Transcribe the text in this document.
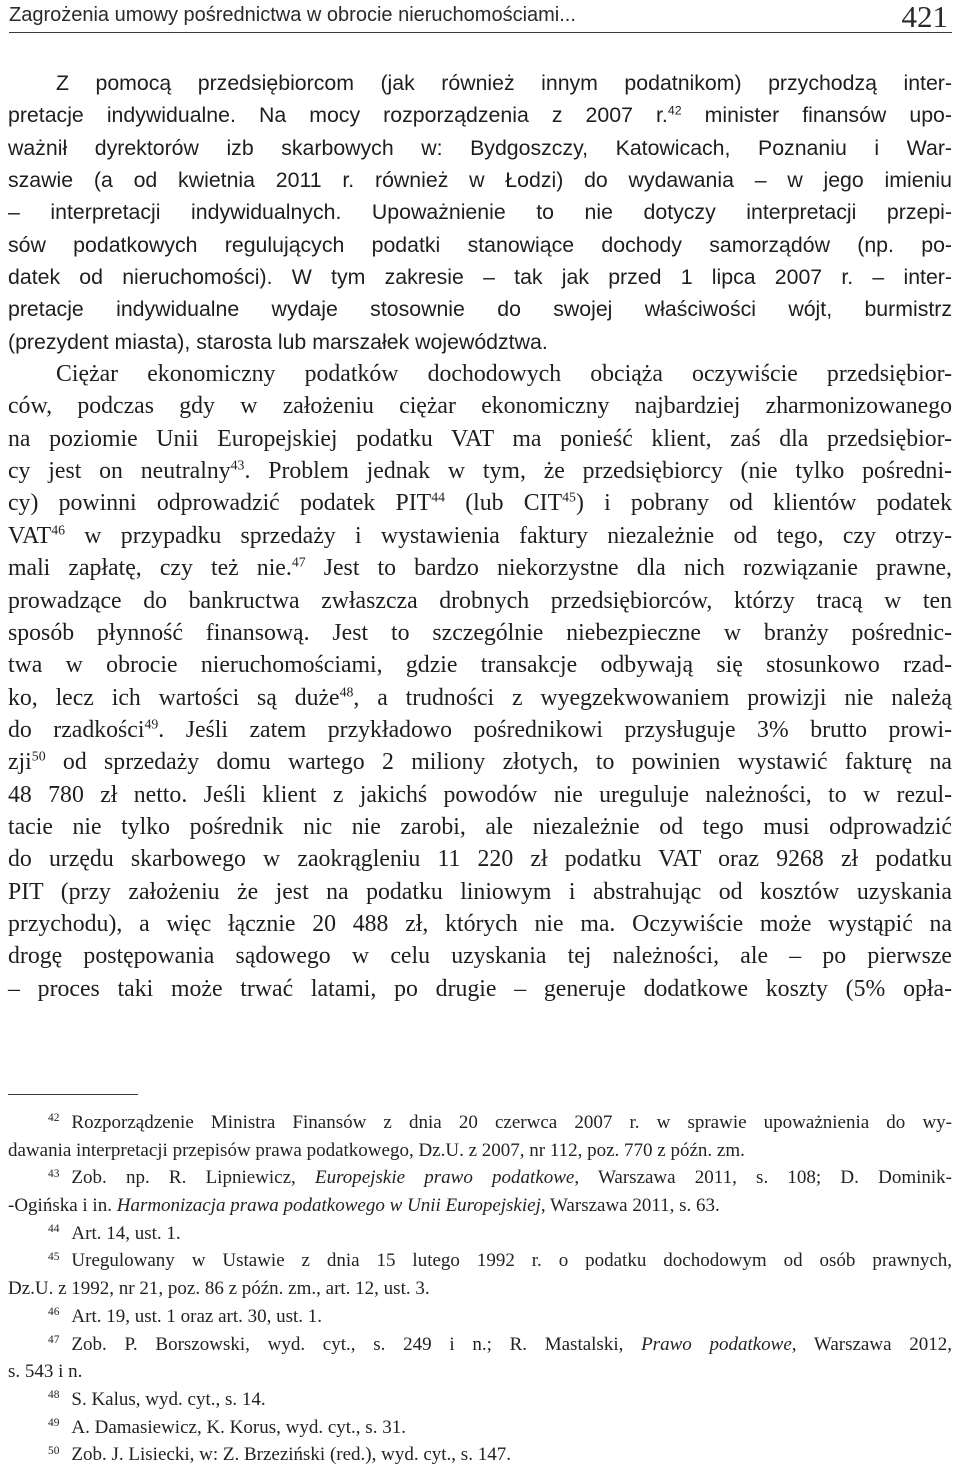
Zagrożenia umowy pośrednictwa w obrocie nieruchomościami...	421
Z pomocą przedsiębiorcom (jak również innym podatnikom) przychodzą inter-
pretacje indywidualne. Na mocy rozporządzenia z 2007 r.$^{42}$ minister finansów upo-
ważnił dyrektorów izb skarbowych w: Bydgoszczy, Katowicach, Poznaniu i War-
szawie (a od kwietnia 2011 r. również w Łodzi) do wydawania – w jego imieniu
– interpretacji indywidualnych. Upoważnienie to nie dotyczy interpretacji przepi-
sów podatkowych regulujących podatki stanowiące dochody samorządów (np. po-
datek od nieruchomości). W tym zakresie – tak jak przed 1 lipca 2007 r. – inter-
pretacje indywidualne wydaje stosownie do swojej właściwości wójt, burmistrz
(prezydent miasta), starosta lub marszałek województwa.
Ciężar ekonomiczny podatków dochodowych obciąża oczywiście przedsiębior-
ców, podczas gdy w założeniu ciężar ekonomiczny najbardziej zharmonizowanego
na poziomie Unii Europejskiej podatku VAT ma ponieść klient, zaś dla przedsiębior-
cy jest on neutralny$^{43}$. Problem jednak w tym, że przedsiębiorcy (nie tylko pośredni-
cy) powinni odprowadzić podatek PIT$^{44}$ (lub CIT$^{45}$) i pobrany od klientów podatek
VAT$^{46}$ w przypadku sprzedaży i wystawienia faktury niezależnie od tego, czy otrzy-
mali zapłatę, czy też nie.$^{47}$ Jest to bardzo niekorzystne dla nich rozwiązanie prawne,
prowadzące do bankructwa zwłaszcza drobnych przedsiębiorców, którzy tracą w ten
sposób płynność finansową. Jest to szczególnie niebezpieczne w branży pośrednic-
twa w obrocie nieruchomościami, gdzie transakcje odbywają się stosunkowo rzad-
ko, lecz ich wartości są duże$^{48}$, a trudności z wyegzekwowaniem prowizji nie należą
do rzadkości$^{49}$. Jeśli zatem przykładowo pośrednikowi przysługuje 3% brutto prowi-
zji$^{50}$ od sprzedaży domu wartego 2 miliony złotych, to powinien wystawić fakturę na
48 780 zł netto. Jeśli klient z jakichś powodów nie ureguluje należności, to w rezul-
tacie nie tylko pośrednik nic nie zarobi, ale niezależnie od tego musi odprowadzić
do urzędu skarbowego w zaokrągleniu 11 220 zł podatku VAT oraz 9268 zł podatku
PIT (przy założeniu że jest na podatku liniowym i abstrahując od kosztów uzyskania
przychodu), a więc łącznie 20 488 zł, których nie ma. Oczywiście może wystąpić na
drogę postępowania sądowego w celu uzyskania tej należności, ale – po pierwsze
– proces taki może trwać latami, po drugie – generuje dodatkowe koszty (5% opła-
$^{42}$ Rozporządzenie Ministra Finansów z dnia 20 czerwca 2007 r. w sprawie upoważnienia do wy-
dawania interpretacji przepisów prawa podatkowego, Dz.U. z 2007, nr 112, poz. 770 z późn. zm.
$^{43}$ Zob. np. R. Lipniewicz, Europejskie prawo podatkowe, Warszawa 2011, s. 108; D. Dominik-
-Ogińska i in. Harmonizacja prawa podatkowego w Unii Europejskiej, Warszawa 2011, s. 63.
$^{44}$ Art. 14, ust. 1.
$^{45}$ Uregulowany w Ustawie z dnia 15 lutego 1992 r. o podatku dochodowym od osób prawnych,
Dz.U. z 1992, nr 21, poz. 86 z późn. zm., art. 12, ust. 3.
$^{46}$ Art. 19, ust. 1 oraz art. 30, ust. 1.
$^{47}$ Zob. P. Borszowski, wyd. cyt., s. 249 i n.; R. Mastalski, Prawo podatkowe, Warszawa 2012,
s. 543 i n.
$^{48}$ S. Kalus, wyd. cyt., s. 14.
$^{49}$ A. Damasiewicz, K. Korus, wyd. cyt., s. 31.
$^{50}$ Zob. J. Lisiecki, w: Z. Brzeziński (red.), wyd. cyt., s. 147.
